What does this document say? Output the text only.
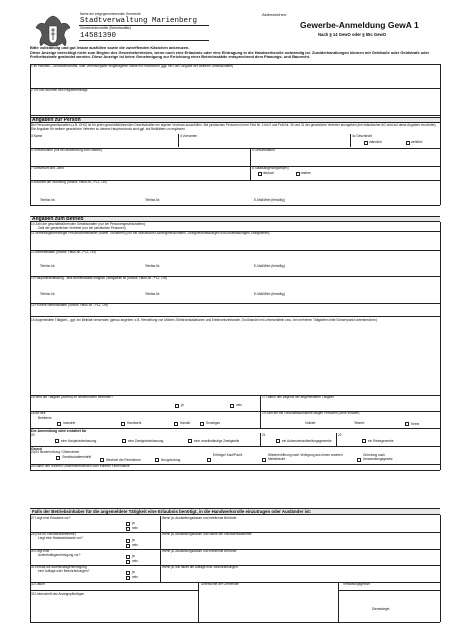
Name der entgegennehmenden Gemeinde
Stadtverwaltung Marienberg
Gemeindekennziffer (Betriebsstätte)
14581390
Aktenzeichen:
Gewerbe-Anmeldung GewA 1
Nach § 14 GewO oder § 55c GewO
Bitte vollständig und gut lesbar ausfüllen sowie die zutreffenden Kästchen ankreuzen.
Diese Anzeige berechtigt nicht zum Beginn des Gewerbebetriebes, wenn noch eine Erlaubnis oder eine Eintragung in die Handwerksrolle notwendig ist. Zuwiderhandlungen können mit Geldbuße oder Geldstrafe oder Freiheitsstrafe geahndet werden. Diese Anzeige ist keine Genehmigung zur Errichtung einer Betriebsstätte entsprechend dem Planungs- und Baurecht.
1 Im Handels-, Genossenschafts- oder Vereinsregister eingetragener Name mit Rechtsform (ggf. bei GbR: Angabe der weiteren Gesellschafter)
2 Ort und Nummer des Registereintrags
Angaben zur Person
Bei Personengesellschaften (z.B. OHG) ist für jeden geschäftsführenden Gesellschafter ein eigener Vordruck auszufüllen. Bei juristischen Personen ist bei Feld Nr. 3 bis 9 und Feld Nr. 30 und 31 der gesetzliche Vertreter anzugeben (bei inländischer AG wird auf diese Angaben verzichtet). Die Angaben für weitere gesetzliche Vertreter zu diesem Hauptvordruck sind ggf. auf Beiblättern zu ergänzen.
3 Name	4 Vornamen	4c Geschlecht
männlich	weiblich
5 Geburtsname (nur bei Abweichung vom Namen)	6 Geburtsdatum
7 Geburtsort und –land	8 Staatsangehörigkeit(en)
deutsch	andere
9 Anschrift der Wohnung (Straße, Haus-Nr., PLZ, Ort)
Telefon-Nr.	Telefax-Nr.	E-Mail/Web (freiwillig)
Angaben zum Betrieb
10 Zahl der geschäftsführenden Gesellschafter (nur bei Personengesellschaften);
Zahl der gesetzlichen Vertreter (nur bei juristischen Personen)
11 Vertretungsberechtigte Person/Betriebsleiter (Name, Vornamen) (nur bei inländischen Aktiengesellschaften, Zweigniederlassungen und unselbständigen Zweigstellen)
12 Betriebsstätte (Straße, Haus-Nr., PLZ, Ort)
Telefon-Nr.	Telefax-Nr.	E-Mail/Web (freiwillig)
13 Hauptniederlassung - falls Betriebsstätte lediglich Zweigstelle ist (Straße, Haus-Nr., PLZ, Ort)
Telefon-Nr.	Telefax-Nr.	E-Mail/Web (freiwillig)
14 Frühere Betriebsstätte (Straße, Haus-Nr., PLZ, Ort)
15 Angemeldete Tätigkeit – ggf. ein Beiblatt verwenden (genau angeben: z.B. Herstellung von Möbeln, Elektroinstallationen und Elektroeinzelhandel, Großhandel mit Lebensmitteln usw.; bei mehreren Tätigkeiten bitte Schwerpunkt unterstreichen)
16 Wird die Tätigkeit (vorerst) im Nebenerwerb betrieben?
ja	nein
17 Datum des Beginns der angemeldeten Tätigkeit
18 Art des
Betriebes
Industrie	Handwerk	Handel	Sonstiges
19 Zahl der bei Geschäftsaufnahme tätigen Personen (ohne Inhaber)
Vollzeit:	Teilzeit:	Keine
Die Anmeldung wird erstattet für
20	21	22
eine Hauptniederlassung	eine Zweigniederlassung	eine unselbständige Zweigstelle	ein Automatenaufstellungsgewerbe	ein Reisegewerbe
Grund
23/24 Neuerrichtung / Übernahme
Gesellschaftereintritt
Wechsel der Rechtsform	Neugründung
Erbfolge/ Kauf/Pacht	Wiedereröffnung nach Verlegung aus einem anderen Meldebezirk
Gründung nach Umwandlungsgesetz
26 Name des früheren Gewerbetreibenden oder früherer Firmenname
Falls der Betriebsinhaber für die angemeldete Tätigkeit eine Erlaubnis benötigt, in die Handwerksrolle einzutragen oder Ausländer ist:
27 Liegt eine Erlaubnis vor?
ja
nein
Wenn ja, Ausstellungsdatum und erteilende Behörde:
28 (Nur für Handwerksbetriebe)
Liegt eine Handwerkskarte vor?	ja
nein
Wenn ja, Ausstellungsdatum und Name der Handwerkskammer:
30 Liegt eine
Aufenthaltsgenehmigung vor?	ja
nein
Wenn ja, Ausstellungsdatum und erteilende Behörde:
31 Enthält die Aufenthaltsgenehmigung
eine Auflage oder Beschränkungen?	ja
nein
Wenn ja, wie lautet die Auflage bzw. Beschränkungen:
32 Datum
33 Unterschrift des Anzeigepflichtigen
Unterschrift der Gemeinde:	Verwaltungsgebühr
Dienstsiegel
